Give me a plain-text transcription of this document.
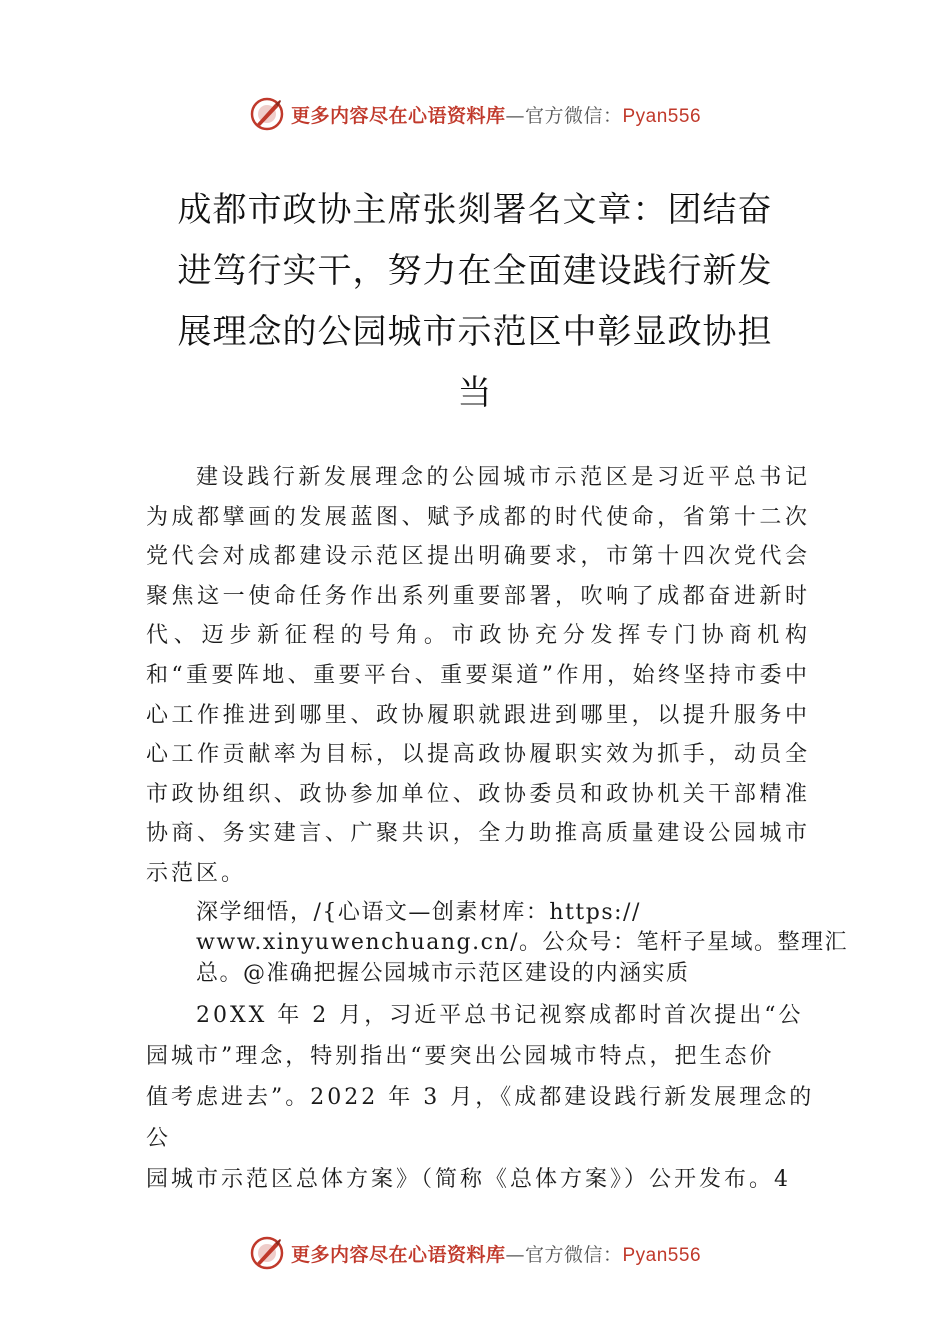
更多内容尽在心语资料库—官方微信：Pyan556
成都市政协主席张剡署名文章：团结奋
进笃行实干，努力在全面建设践行新发
展理念的公园城市示范区中彰显政协担
当

建设践行新发展理念的公园城市示范区是习近平总书记为成都擘画的发展蓝图、赋予成都的时代使命，省第十二次党代会对成都建设示范区提出明确要求，市第十四次党代会聚焦这一使命任务作出系列重要部署，吹响了成都奋进新时代、迈步新征程的号角。市政协充分发挥专门协商机构和“重要阵地、重要平台、重要渠道”作用，始终坚持市委中心工作推进到哪里、政协履职就跟进到哪里，以提升服务中心工作贡献率为目标，以提高政协履职实效为抓手，动员全市政协组织、政协参加单位、政协委员和政协机关干部精准协商、务实建言、广聚共识，全力助推高质量建设公园城市示范区。

深学细悟，/{心语文—创素材库：https://
www.xinyuwenchuang.cn/。公众号：笔杆子星域。整理汇
总。@准确把握公园城市示范区建设的内涵实质
20XX 年 2 月，习近平总书记视察成都时首次提出“公
园城市”理念，特别指出“要突出公园城市特点，把生态价
值考虑进去”。2022 年 3 月，《成都建设践行新发展理念的
公
园城市示范区总体方案》（简称《总体方案》）公开发布。4
更多内容尽在心语资料库—官方微信：Pyan556
